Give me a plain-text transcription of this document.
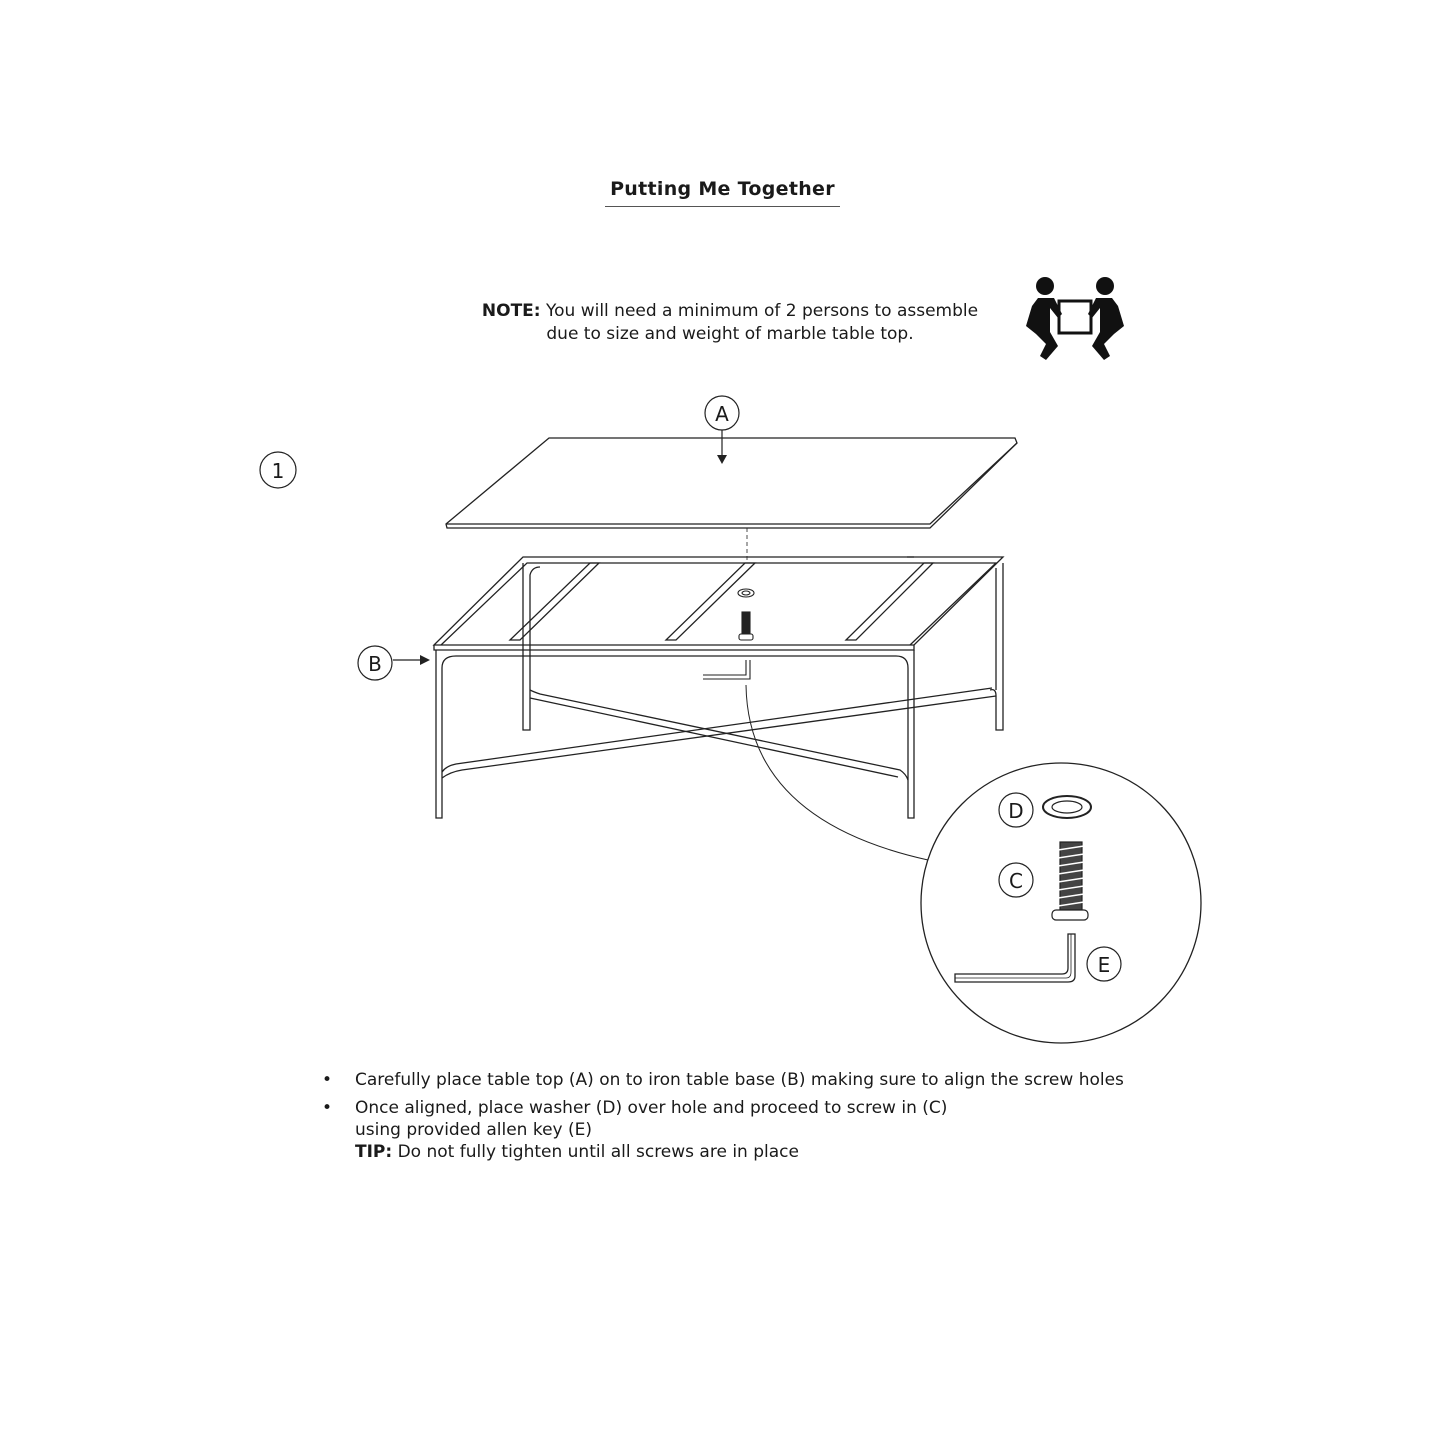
Putting Me Together
NOTE: You will need a minimum of 2 persons to assemble
due to size and weight of marble table top.
1
A
B
D
C
E
• Carefully place table top (A) on to iron table base (B) making sure to align the screw holes
• Once aligned, place washer (D) over hole and proceed to screw in (C)
using provided allen key (E)
TIP: Do not fully tighten until all screws are in place
